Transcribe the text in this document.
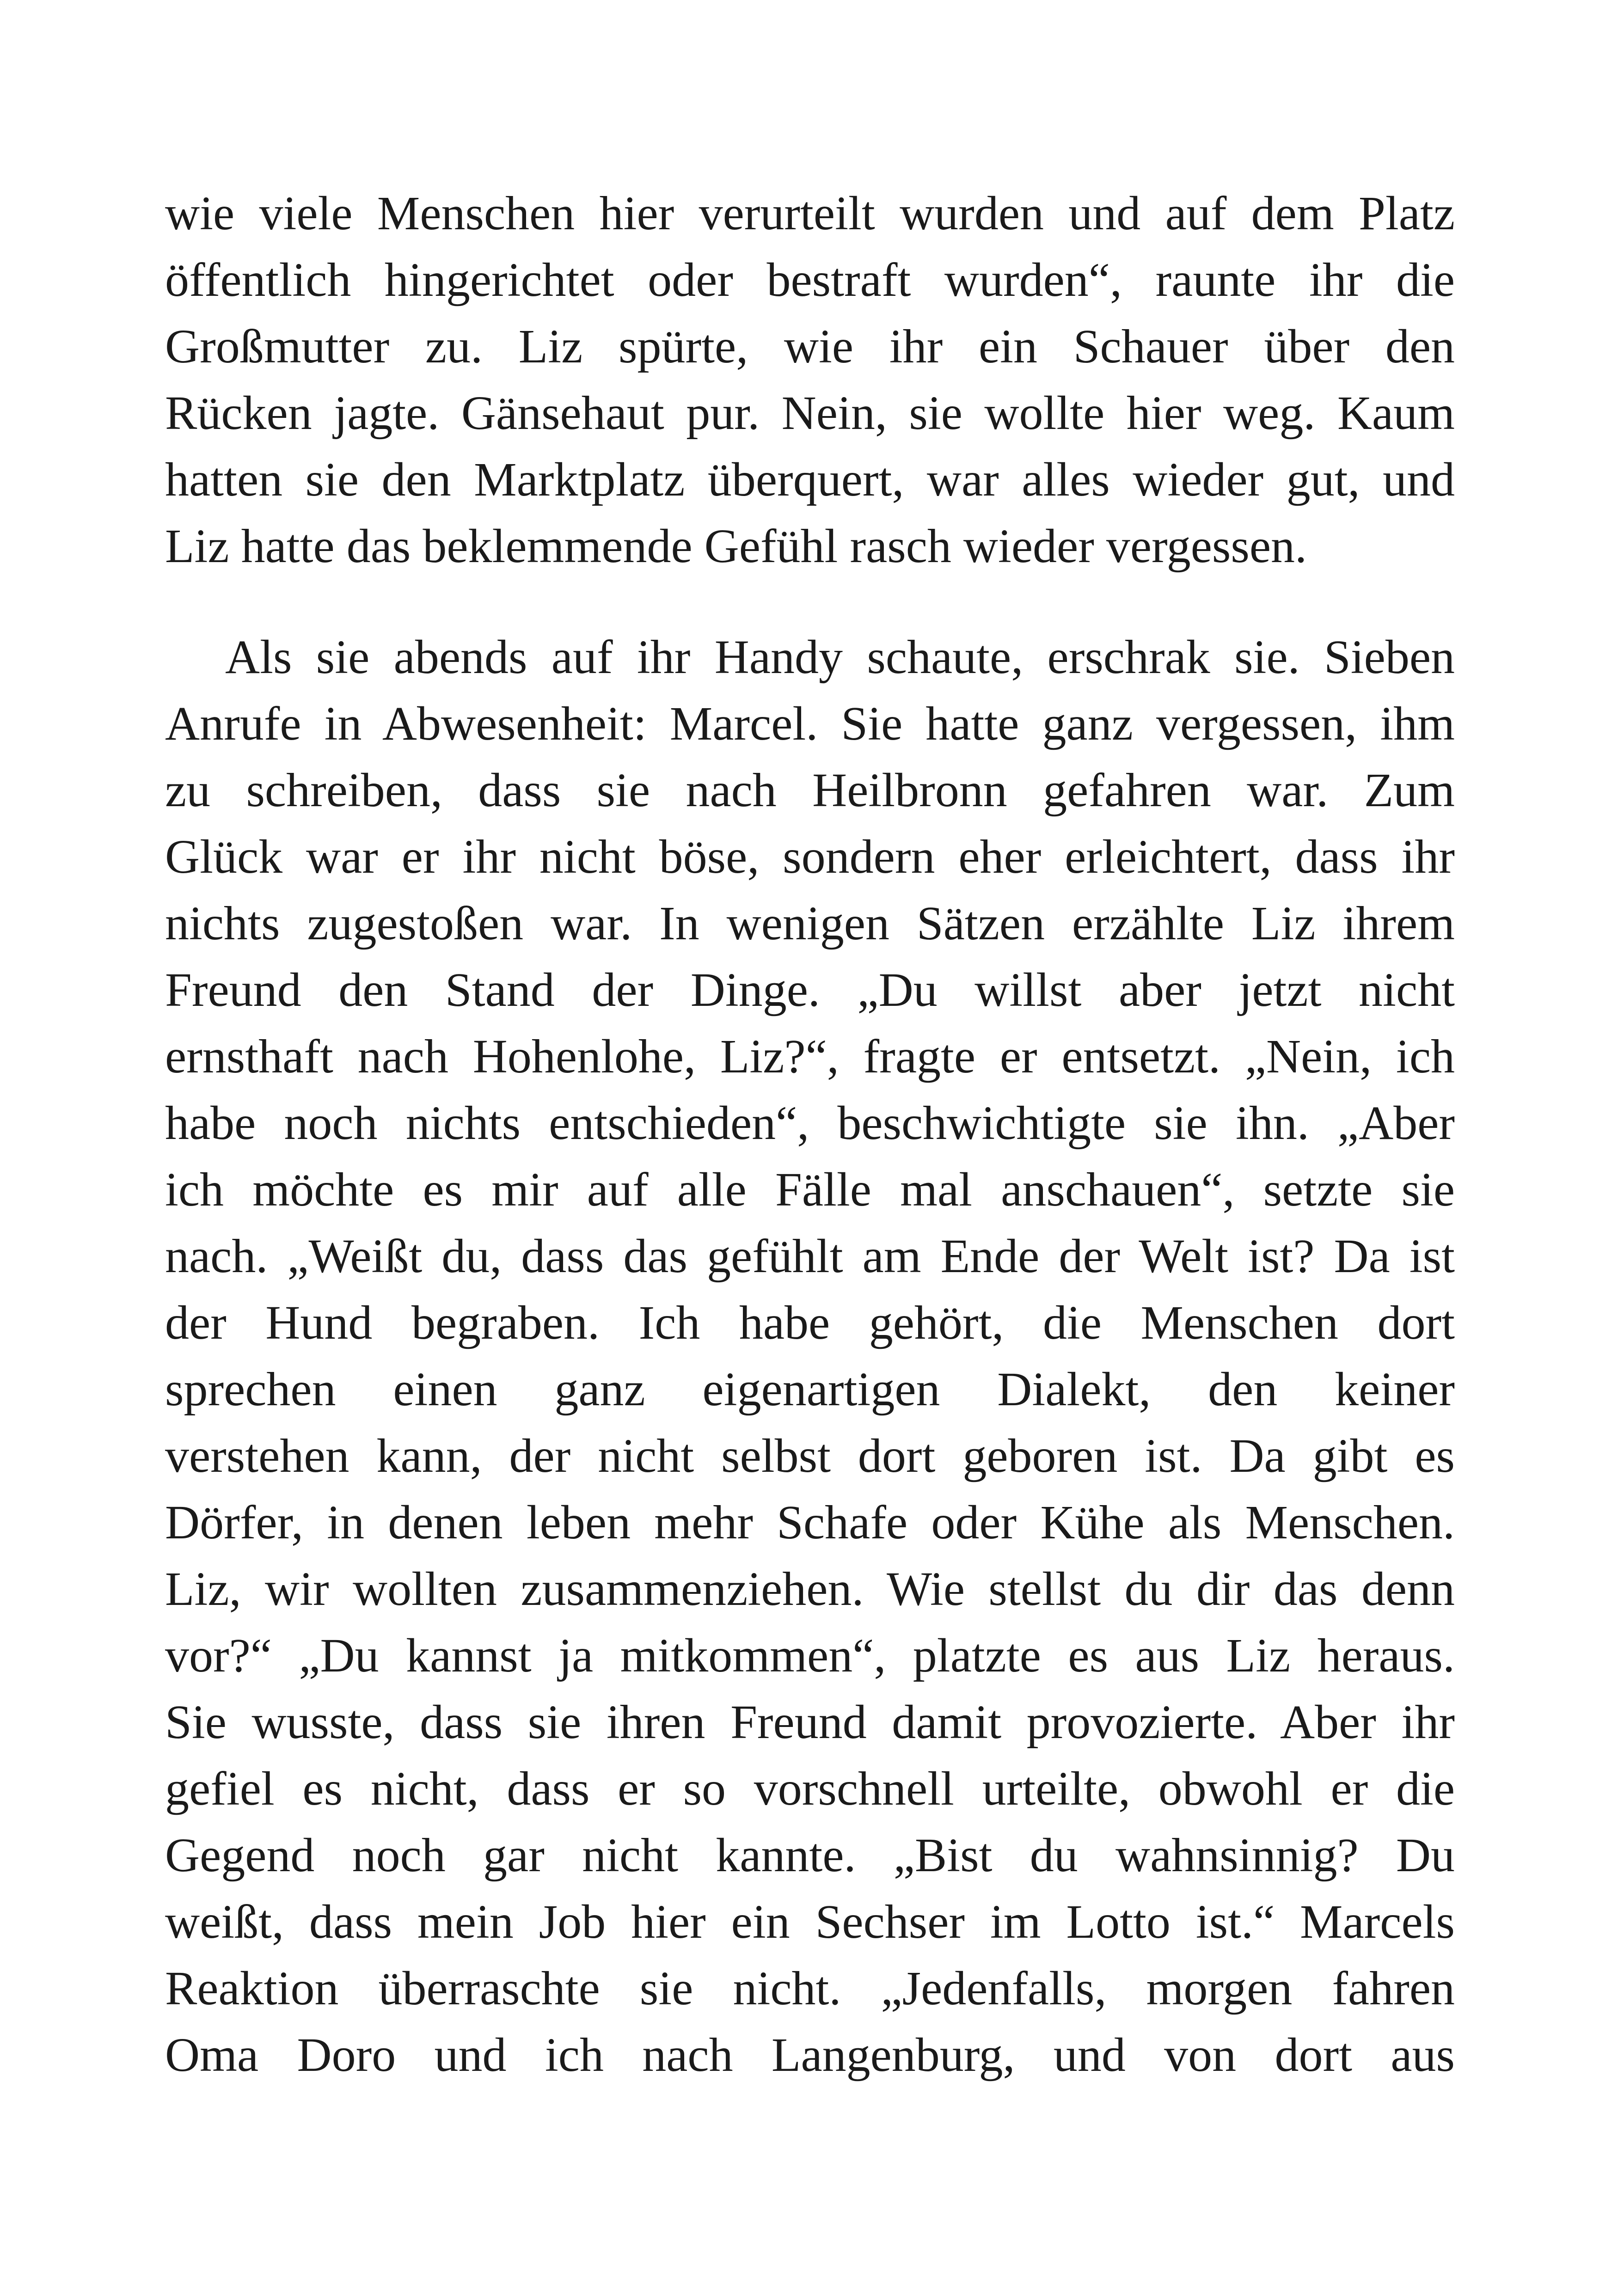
wie viele Menschen hier verurteilt wurden und auf dem Platz
öffentlich hingerichtet oder bestraft wurden“, raunte ihr die
Großmutter zu. Liz spürte, wie ihr ein Schauer über den
Rücken jagte. Gänsehaut pur. Nein, sie wollte hier weg. Kaum
hatten sie den Marktplatz überquert, war alles wieder gut, und
Liz hatte das beklemmende Gefühl rasch wieder vergessen.
Als sie abends auf ihr Handy schaute, erschrak sie. Sieben
Anrufe in Abwesenheit: Marcel. Sie hatte ganz vergessen, ihm
zu schreiben, dass sie nach Heilbronn gefahren war. Zum
Glück war er ihr nicht böse, sondern eher erleichtert, dass ihr
nichts zugestoßen war. In wenigen Sätzen erzählte Liz ihrem
Freund den Stand der Dinge. „Du willst aber jetzt nicht
ernsthaft nach Hohenlohe, Liz?“, fragte er entsetzt. „Nein, ich
habe noch nichts entschieden“, beschwichtigte sie ihn. „Aber
ich möchte es mir auf alle Fälle mal anschauen“, setzte sie
nach. „Weißt du, dass das gefühlt am Ende der Welt ist? Da ist
der Hund begraben. Ich habe gehört, die Menschen dort
sprechen einen ganz eigenartigen Dialekt, den keiner
verstehen kann, der nicht selbst dort geboren ist. Da gibt es
Dörfer, in denen leben mehr Schafe oder Kühe als Menschen.
Liz, wir wollten zusammenziehen. Wie stellst du dir das denn
vor?“ „Du kannst ja mitkommen“, platzte es aus Liz heraus.
Sie wusste, dass sie ihren Freund damit provozierte. Aber ihr
gefiel es nicht, dass er so vorschnell urteilte, obwohl er die
Gegend noch gar nicht kannte. „Bist du wahnsinnig? Du
weißt, dass mein Job hier ein Sechser im Lotto ist.“ Marcels
Reaktion überraschte sie nicht. „Jedenfalls, morgen fahren
Oma Doro und ich nach Langenburg, und von dort aus
